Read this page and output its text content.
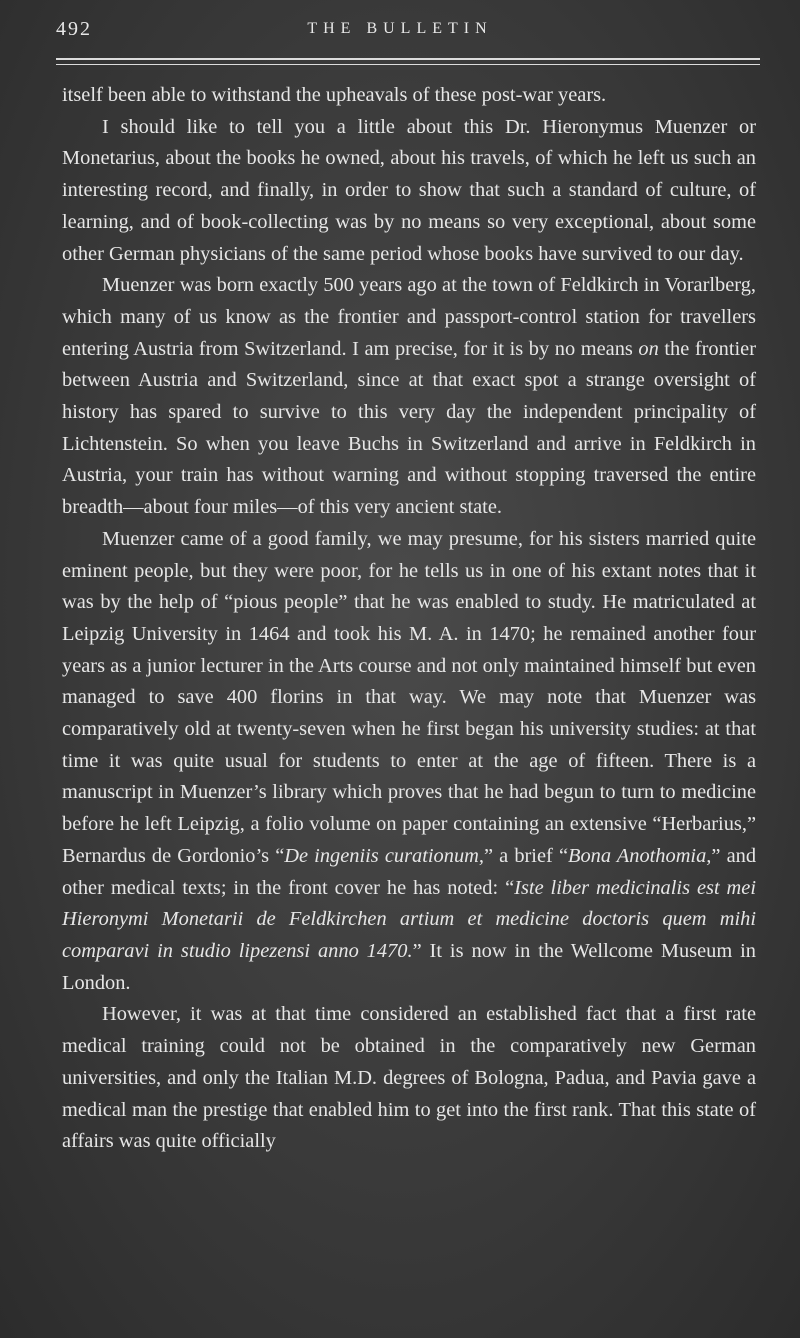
492	THE BULLETIN

itself been able to withstand the upheavals of these post-war years.

I should like to tell you a little about this Dr. Hieronymus Muenzer or Monetarius, about the books he owned, about his travels, of which he left us such an interesting record, and finally, in order to show that such a standard of culture, of learning, and of book-collecting was by no means so very exceptional, about some other German physicians of the same period whose books have survived to our day.

Muenzer was born exactly 500 years ago at the town of Feldkirch in Vorarlberg, which many of us know as the frontier and passport-control station for travellers entering Austria from Switzerland. I am precise, for it is by no means on the frontier between Austria and Switzerland, since at that exact spot a strange oversight of history has spared to survive to this very day the independent principality of Lichtenstein. So when you leave Buchs in Switzerland and arrive in Feldkirch in Austria, your train has without warning and without stopping traversed the entire breadth—about four miles—of this very ancient state.

Muenzer came of a good family, we may presume, for his sisters married quite eminent people, but they were poor, for he tells us in one of his extant notes that it was by the help of “pious people” that he was enabled to study. He matriculated at Leipzig University in 1464 and took his M. A. in 1470; he remained another four years as a junior lecturer in the Arts course and not only maintained himself but even managed to save 400 florins in that way. We may note that Muenzer was comparatively old at twenty-seven when he first began his university studies: at that time it was quite usual for students to enter at the age of fifteen. There is a manuscript in Muenzer’s library which proves that he had begun to turn to medicine before he left Leipzig, a folio volume on paper containing an extensive “Herbarius,” Bernardus de Gordonio’s “De ingeniis curationum,” a brief “Bona Anothomia,” and other medical texts; in the front cover he has noted: “Iste liber medicinalis est mei Hieronymi Monetarii de Feldkirchen artium et medicine doctoris quem mihi comparavi in studio lipezensi anno 1470.” It is now in the Wellcome Museum in London.

However, it was at that time considered an established fact that a first rate medical training could not be obtained in the comparatively new German universities, and only the Italian M.D. degrees of Bologna, Padua, and Pavia gave a medical man the prestige that enabled him to get into the first rank. That this state of affairs was quite officially
